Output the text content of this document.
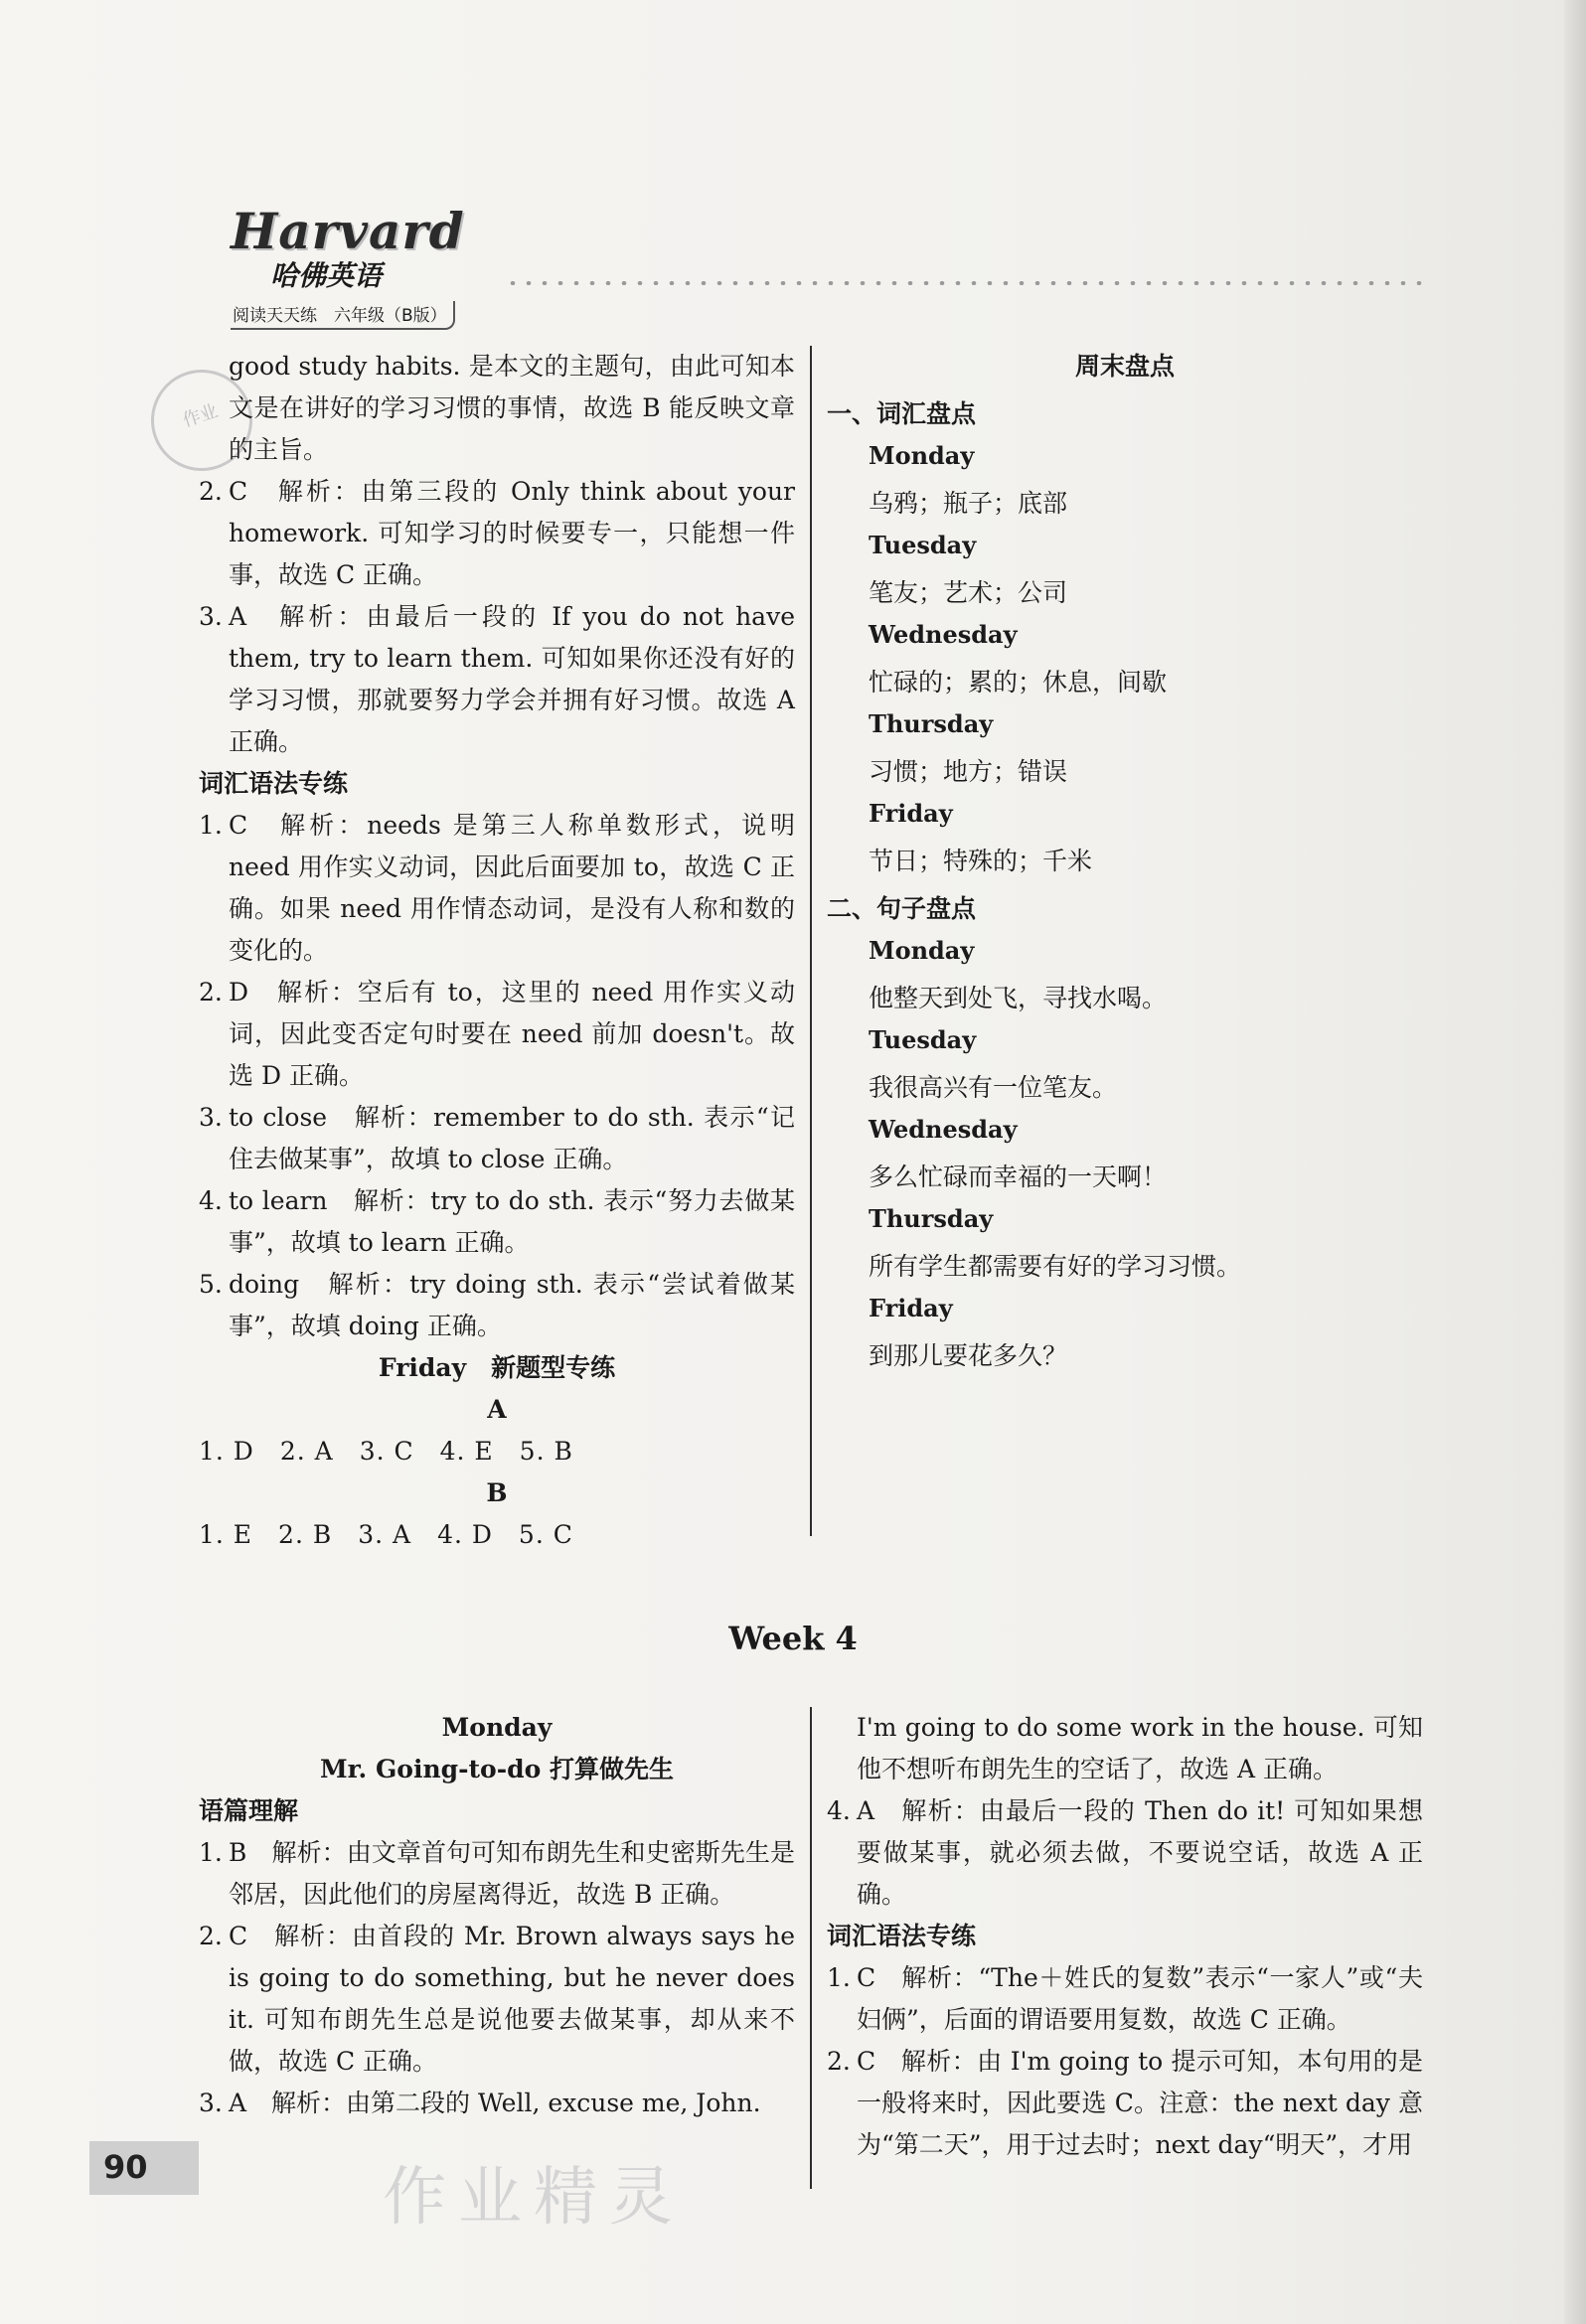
Harvard
哈佛英语
阅读天天练　六年级（B版）
作业

good study habits. 是本文的主题句，由此可知本文是在讲好的学习习惯的事情，故选 B 能反映文章的主旨。

2. C　解析：由第三段的 Only think about your homework. 可知学习的时候要专一，只能想一件事，故选 C 正确。
3. A　解析：由最后一段的 If you do not have them, try to learn them. 可知如果你还没有好的学习习惯，那就要努力学会并拥有好习惯。故选 A 正确。

词汇语法专练

1. C　解析：needs 是第三人称单数形式，说明 need 用作实义动词，因此后面要加 to，故选 C 正确。如果 need 用作情态动词，是没有人称和数的变化的。
2. D　解析：空后有 to，这里的 need 用作实义动词，因此变否定句时要在 need 前加 doesn't。故选 D 正确。
3. to close　解析：remember to do sth. 表示“记住去做某事”，故填 to close 正确。
4. to learn　解析：try to do sth. 表示“努力去做某事”，故填 to learn 正确。
5. doing　解析：try doing sth. 表示“尝试着做某事”，故填 doing 正确。

Friday　新题型专练

A

1. D　2. A　3. C　4. E　5. B

B

1. E　2. B　3. A　4. D　5. C

周末盘点

一、词汇盘点

Monday

乌鸦；瓶子；底部

Tuesday

笔友；艺术；公司

Wednesday

忙碌的；累的；休息，间歇

Thursday

习惯；地方；错误

Friday

节日；特殊的；千米

二、句子盘点

Monday

他整天到处飞，寻找水喝。

Tuesday

我很高兴有一位笔友。

Wednesday

多么忙碌而幸福的一天啊！

Thursday

所有学生都需要有好的学习习惯。

Friday

到那儿要花多久？

Week 4

Monday

Mr. Going-to-do 打算做先生

语篇理解

1. B　解析：由文章首句可知布朗先生和史密斯先生是邻居，因此他们的房屋离得近，故选 B 正确。
2. C　解析：由首段的 Mr. Brown always says he is going to do something, but he never does it. 可知布朗先生总是说他要去做某事，却从来不做，故选 C 正确。
3. A　解析：由第二段的 Well, excuse me, John.

I'm going to do some work in the house. 可知他不想听布朗先生的空话了，故选 A 正确。

4. A　解析：由最后一段的 Then do it! 可知如果想要做某事，就必须去做，不要说空话，故选 A 正确。

词汇语法专练

1. C　解析：“The＋姓氏的复数”表示“一家人”或“夫妇俩”，后面的谓语要用复数，故选 C 正确。
2. C　解析：由 I'm going to 提示可知，本句用的是一般将来时，因此要选 C。注意：the next day 意为“第二天”，用于过去时；next day“明天”，才用
作业精灵
90
